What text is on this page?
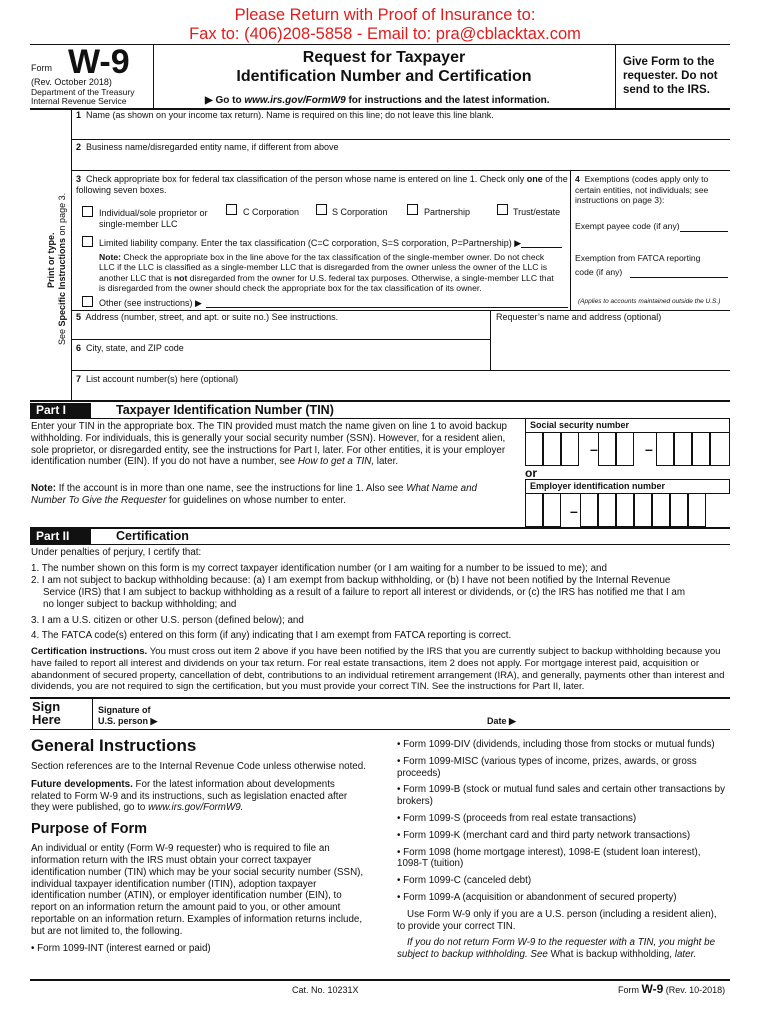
Please Return with Proof of Insurance to:
Fax to: (406)208-5858 - Email to: pra@cblacktax.com
Form W-9
(Rev. October 2018)
Department of the Treasury
Internal Revenue Service
Request for Taxpayer
Identification Number and Certification
▶ Go to www.irs.gov/FormW9 for instructions and the latest information.
Give Form to the requester. Do not send to the IRS.
Print or type.
See Specific Instructions on page 3.
1 Name (as shown on your income tax return). Name is required on this line; do not leave this line blank.
2 Business name/disregarded entity name, if different from above
3 Check appropriate box for federal tax classification of the person whose name is entered on line 1. Check only one of the following seven boxes.
Individual/sole proprietor or
single-member LLC
C Corporation	S Corporation	Partnership	Trust/estate
Limited liability company. Enter the tax classification (C=C corporation, S=S corporation, P=Partnership) ▶
Note: Check the appropriate box in the line above for the tax classification of the single-member owner. Do not check
LLC if the LLC is classified as a single-member LLC that is disregarded from the owner unless the owner of the LLC is
another LLC that is not disregarded from the owner for U.S. federal tax purposes. Otherwise, a single-member LLC that
is disregarded from the owner should check the appropriate box for the tax classification of its owner.
Other (see instructions) ▶
4 Exemptions (codes apply only to certain entities, not individuals; see instructions on page 3):
Exempt payee code (if any)
Exemption from FATCA reporting
code (if any)
(Applies to accounts maintained outside the U.S.)
5 Address (number, street, and apt. or suite no.) See instructions.	Requester’s name and address (optional)
6 City, state, and ZIP code
7 List account number(s) here (optional)
Part I	Taxpayer Identification Number (TIN)
Enter your TIN in the appropriate box. The TIN provided must match the name given on line 1 to avoid backup withholding. For individuals, this is generally your social security number (SSN). However, for a resident alien, sole proprietor, or disregarded entity, see the instructions for Part I, later. For other entities, it is your employer identification number (EIN). If you do not have a number, see How to get a TIN, later.
Note: If the account is in more than one name, see the instructions for line 1. Also see What Name and Number To Give the Requester for guidelines on whose number to enter.
Social security number
–	–
or
Employer identification number
–
Part II	Certification
Under penalties of perjury, I certify that:
1. The number shown on this form is my correct taxpayer identification number (or I am waiting for a number to be issued to me); and
2. I am not subject to backup withholding because: (a) I am exempt from backup withholding, or (b) I have not been notified by the Internal Revenue
Service (IRS) that I am subject to backup withholding as a result of a failure to report all interest or dividends, or (c) the IRS has notified me that I am
no longer subject to backup withholding; and
3. I am a U.S. citizen or other U.S. person (defined below); and
4. The FATCA code(s) entered on this form (if any) indicating that I am exempt from FATCA reporting is correct.
Certification instructions. You must cross out item 2 above if you have been notified by the IRS that you are currently subject to backup withholding because you have failed to report all interest and dividends on your tax return. For real estate transactions, item 2 does not apply. For mortgage interest paid, acquisition or abandonment of secured property, cancellation of debt, contributions to an individual retirement arrangement (IRA), and generally, payments other than interest and dividends, you are not required to sign the certification, but you must provide your correct TIN. See the instructions for Part II, later.
Sign
Here
Signature of
U.S. person ▶	Date ▶
General Instructions
Section references are to the Internal Revenue Code unless otherwise noted.
Future developments. For the latest information about developments related to Form W-9 and its instructions, such as legislation enacted after they were published, go to www.irs.gov/FormW9.
Purpose of Form
An individual or entity (Form W-9 requester) who is required to file an information return with the IRS must obtain your correct taxpayer identification number (TIN) which may be your social security number (SSN), individual taxpayer identification number (ITIN), adoption taxpayer identification number (ATIN), or employer identification number (EIN), to report on an information return the amount paid to you, or other amount reportable on an information return. Examples of information returns include, but are not limited to, the following.
• Form 1099-INT (interest earned or paid)
• Form 1099-DIV (dividends, including those from stocks or mutual funds)
• Form 1099-MISC (various types of income, prizes, awards, or gross proceeds)
• Form 1099-B (stock or mutual fund sales and certain other transactions by brokers)
• Form 1099-S (proceeds from real estate transactions)
• Form 1099-K (merchant card and third party network transactions)
• Form 1098 (home mortgage interest), 1098-E (student loan interest), 1098-T (tuition)
• Form 1099-C (canceled debt)
• Form 1099-A (acquisition or abandonment of secured property)
Use Form W-9 only if you are a U.S. person (including a resident alien), to provide your correct TIN.
If you do not return Form W-9 to the requester with a TIN, you might be subject to backup withholding. See What is backup withholding, later.
Cat. No. 10231X	Form W-9 (Rev. 10-2018)
